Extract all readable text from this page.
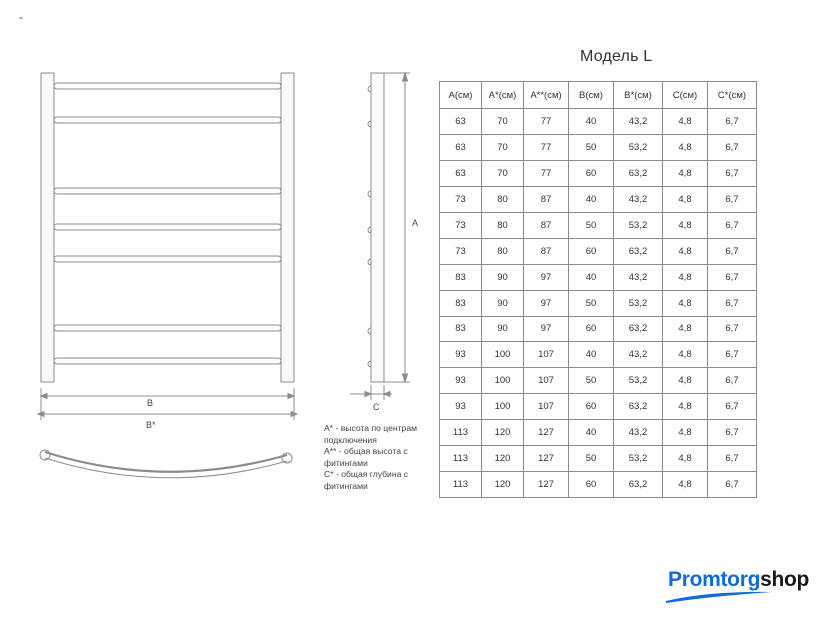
-
B
B*
A
C
Модель L
A(см)	A*(см)	A**(см)	B(см)	B*(см)	C(см)	C*(см)
63	70	77	40	43,2	4,8	6,7
63	70	77	50	53,2	4,8	6,7
63	70	77	60	63,2	4,8	6,7
73	80	87	40	43,2	4,8	6,7
73	80	87	50	53,2	4,8	6,7
73	80	87	60	63,2	4,8	6,7
83	90	97	40	43,2	4,8	6,7
83	90	97	50	53,2	4,8	6,7
83	90	97	60	63,2	4,8	6,7
93	100	107	40	43,2	4,8	6,7
93	100	107	50	53,2	4,8	6,7
93	100	107	60	63,2	4,8	6,7
113	120	127	40	43,2	4,8	6,7
113	120	127	50	53,2	4,8	6,7
113	120	127	60	63,2	4,8	6,7
A* - высота по центрам подключения
A** - общая высота с фитингами
C* - общая глубина с фитингами
Promtorgshop
